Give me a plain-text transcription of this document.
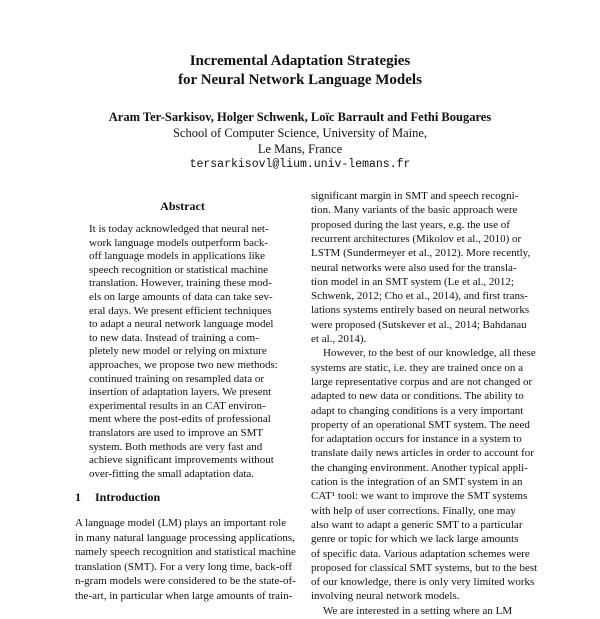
Incremental Adaptation Strategies
for Neural Network Language Models
Aram Ter-Sarkisov, Holger Schwenk, Loïc Barrault and Fethi Bougares
School of Computer Science, University of Maine,
Le Mans, France
tersarkisovl@lium.univ-lemans.fr
Abstract
It is today acknowledged that neural net-
work language models outperform back-
off language models in applications like
speech recognition or statistical machine
translation. However, training these mod-
els on large amounts of data can take sev-
eral days. We present efficient techniques
to adapt a neural network language model
to new data. Instead of training a com-
pletely new model or relying on mixture
approaches, we propose two new methods:
continued training on resampled data or
insertion of adaptation layers. We present
experimental results in an CAT environ-
ment where the post-edits of professional
translators are used to improve an SMT
system. Both methods are very fast and
achieve significant improvements without
over-fitting the small adaptation data.
1 Introduction
A language model (LM) plays an important role
in many natural language processing applications,
namely speech recognition and statistical machine
translation (SMT). For a very long time, back-off
n-gram models were considered to be the state-of-
the-art, in particular when large amounts of train-
significant margin in SMT and speech recogni-
tion. Many variants of the basic approach were
proposed during the last years, e.g. the use of
recurrent architectures (Mikolov et al., 2010) or
LSTM (Sundermeyer et al., 2012). More recently,
neural networks were also used for the transla-
tion model in an SMT system (Le et al., 2012;
Schwenk, 2012; Cho et al., 2014), and first trans-
lations systems entirely based on neural networks
were proposed (Sutskever et al., 2014; Bahdanau
et al., 2014).
However, to the best of our knowledge, all these
systems are static, i.e. they are trained once on a
large representative corpus and are not changed or
adapted to new data or conditions. The ability to
adapt to changing conditions is a very important
property of an operational SMT system. The need
for adaptation occurs for instance in a system to
translate daily news articles in order to account for
the changing environment. Another typical appli-
cation is the integration of an SMT system in an
CAT¹ tool: we want to improve the SMT systems
with help of user corrections. Finally, one may
also want to adapt a generic SMT to a particular
genre or topic for which we lack large amounts
of specific data. Various adaptation schemes were
proposed for classical SMT systems, but to the best
of our knowledge, there is only very limited works
involving neural network models.
We are interested in a setting where an LM
